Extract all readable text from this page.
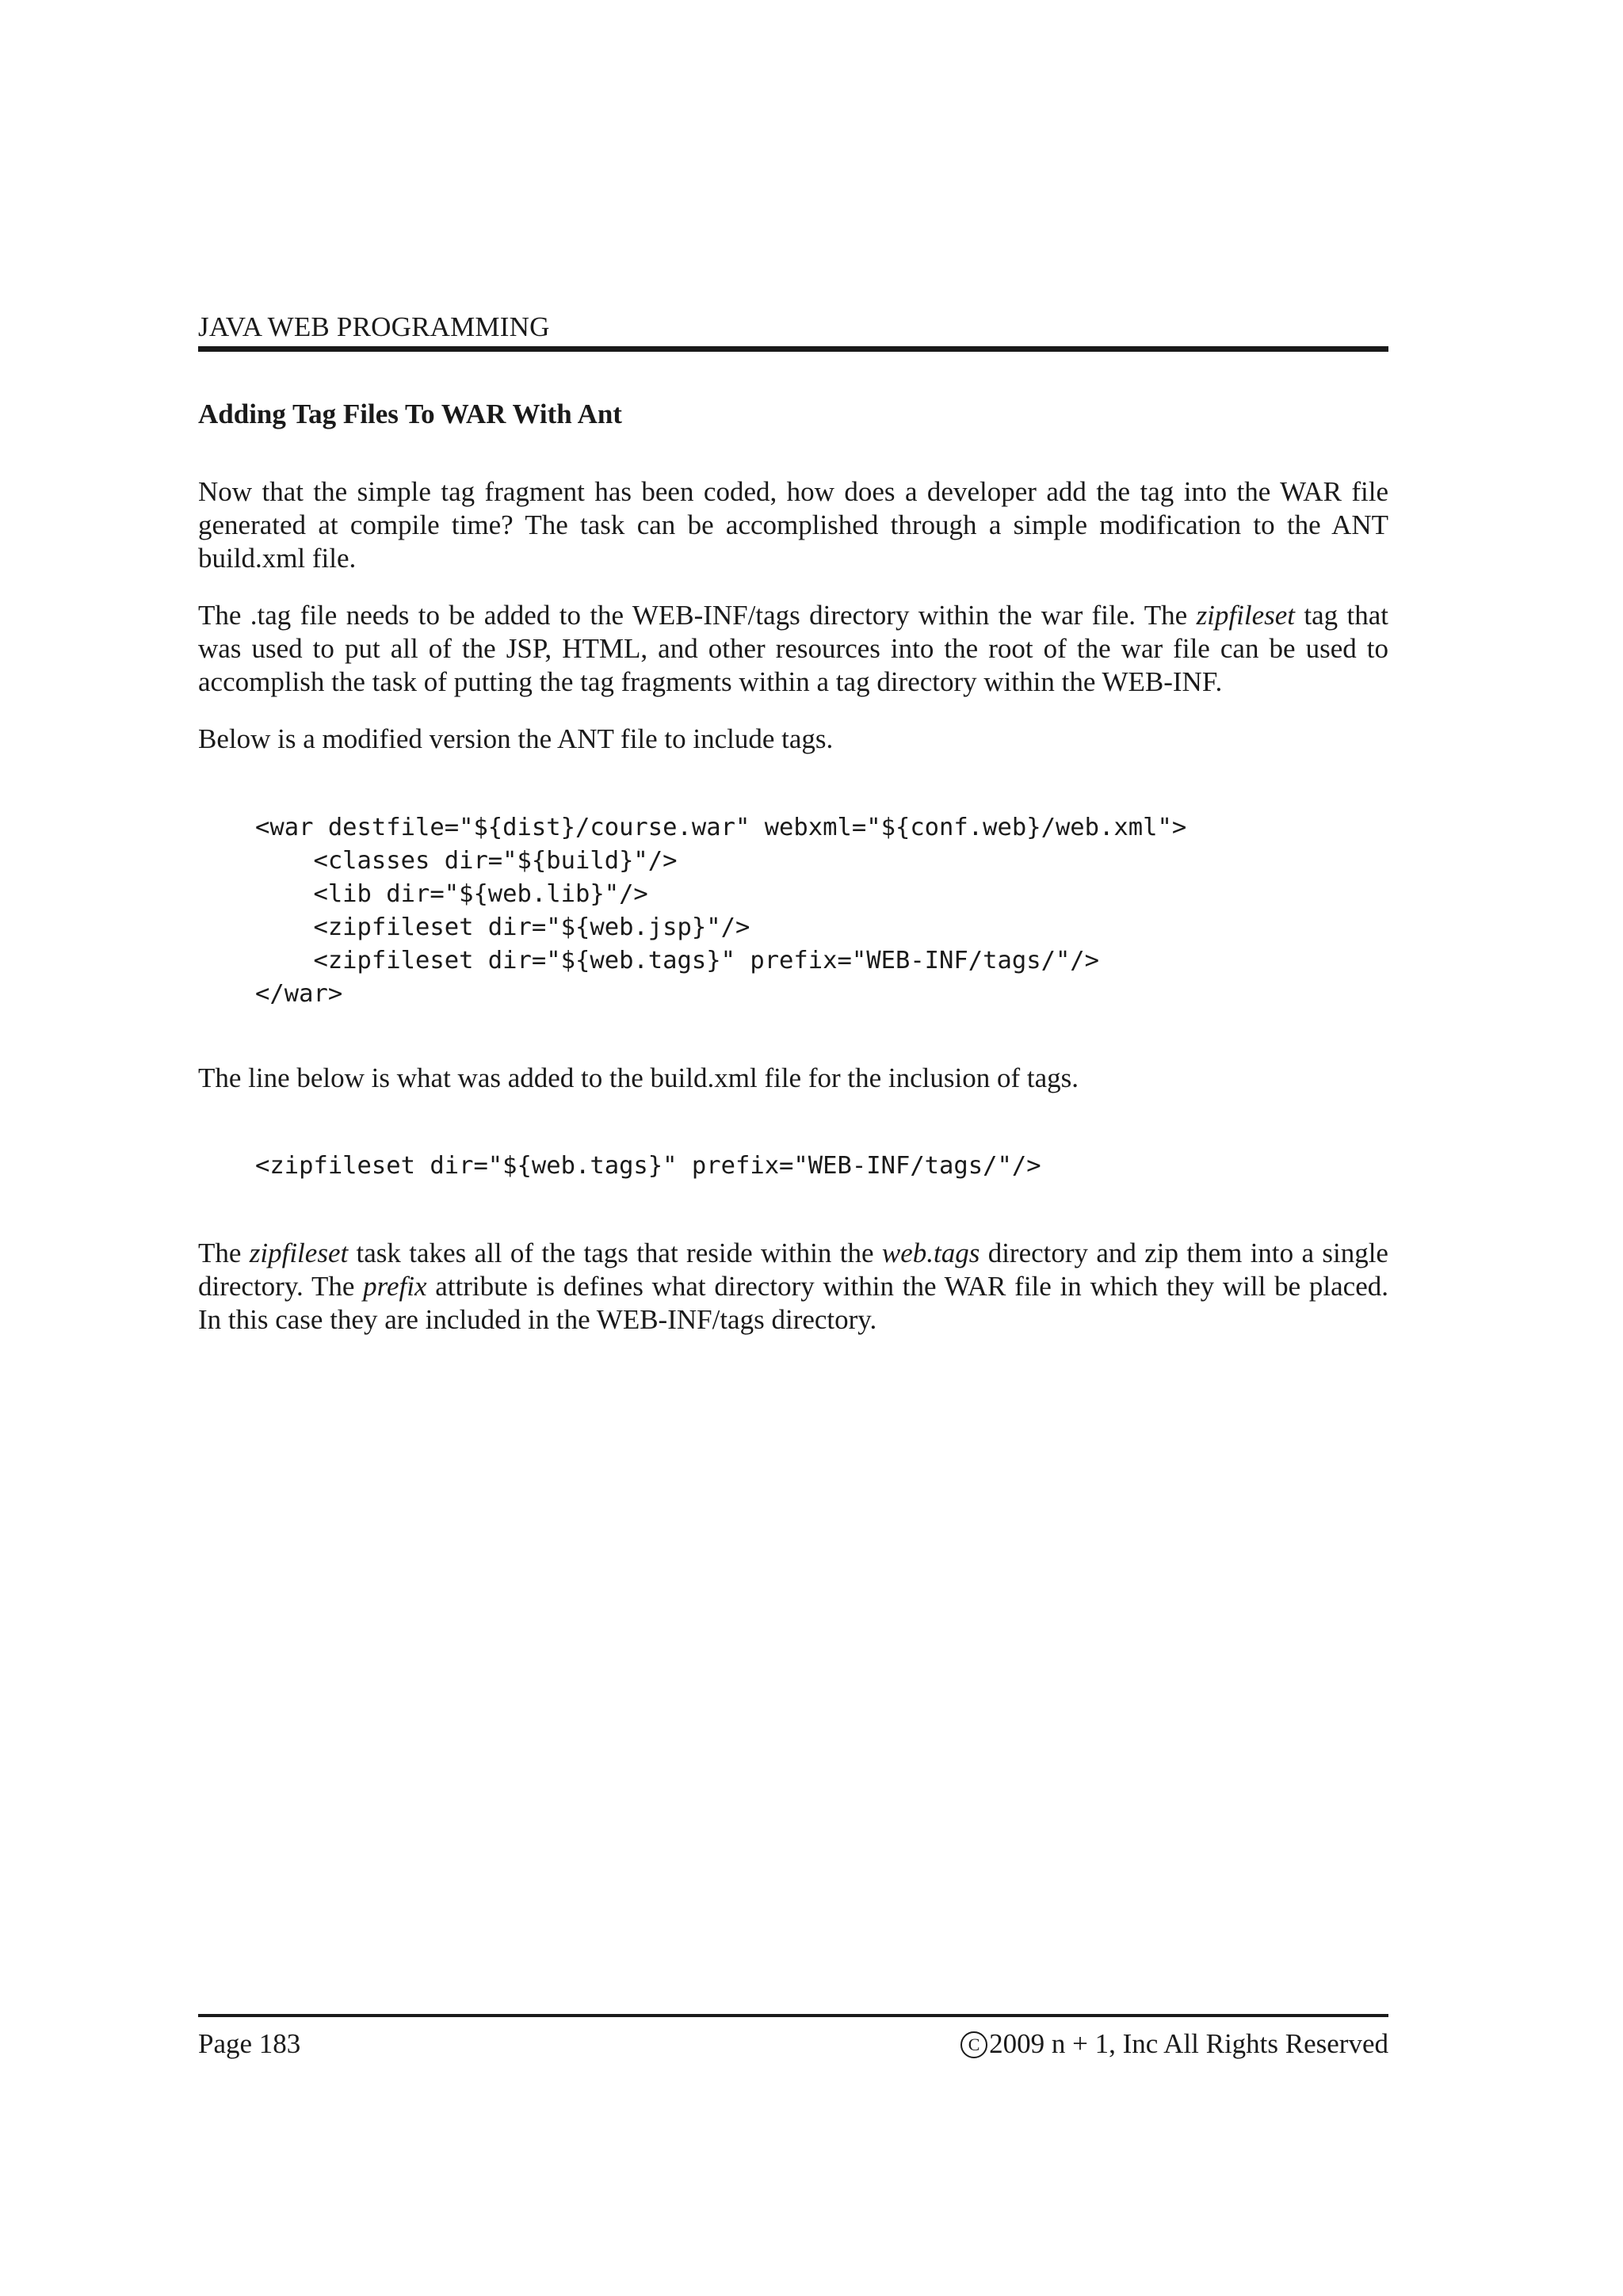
JAVA WEB PROGRAMMING
Adding Tag Files To WAR With Ant

Now that the simple tag fragment has been coded, how does a developer add the tag into the WAR file generated at compile time? The task can be accomplished through a simple modification to the ANT build.xml file.

The .tag file needs to be added to the WEB-INF/tags directory within the war file. The zipfileset tag that was used to put all of the JSP, HTML, and other resources into the root of the war file can be used to accomplish the task of putting the tag fragments within a tag directory within the WEB-INF.

Below is a modified version the ANT file to include tags.

<war destfile="${dist}/course.war" webxml="${conf.web}/web.xml">
<classes dir="${build}"/>
<lib dir="${web.lib}"/>
<zipfileset dir="${web.jsp}"/>
<zipfileset dir="${web.tags}" prefix="WEB-INF/tags/"/>
</war>

The line below is what was added to the build.xml file for the inclusion of tags.

<zipfileset dir="${web.tags}" prefix="WEB-INF/tags/"/>

The zipfileset task takes all of the tags that reside within the web.tags directory and zip them into a single directory. The prefix attribute is defines what directory within the WAR file in which they will be placed. In this case they are included in the WEB-INF/tags directory.

Page 183	C 2009 n + 1, Inc All Rights Reserved
